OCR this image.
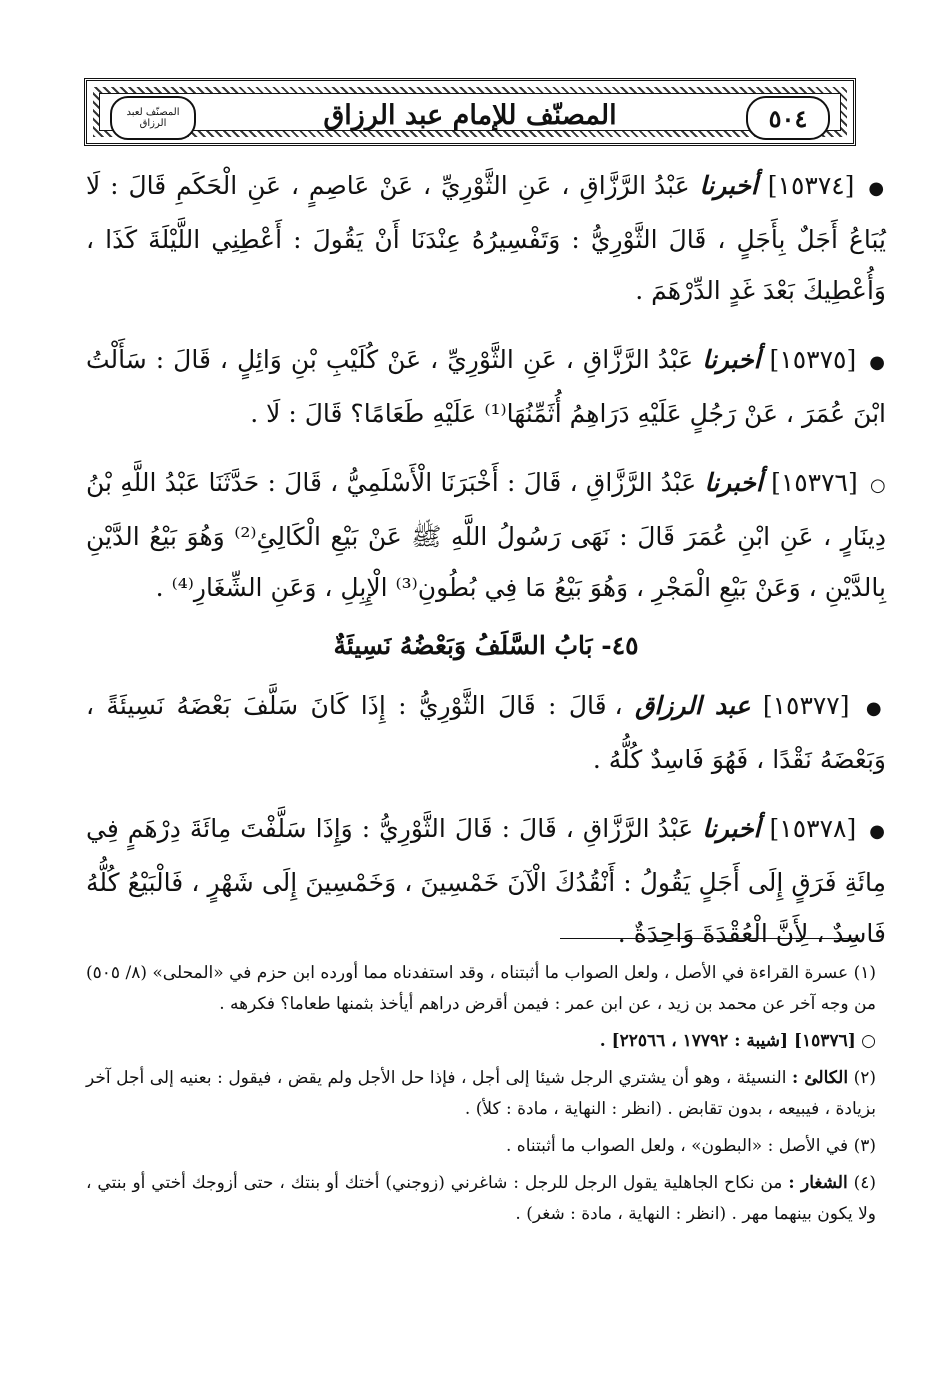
٥٠٤
المصنّف للإمام عبد الرزاق
المصنّف لعبد الرزاق

● [١٥٣٧٤] أخبرنا عَبْدُ الرَّزَّاقِ ، عَنِ الثَّوْرِيِّ ، عَنْ عَاصِمٍ ، عَنِ الْحَكَمِ قَالَ : لَا يُبَاعُ أَجَلٌ بِأَجَلٍ ، قَالَ الثَّوْرِيُّ : وَتَفْسِيرُهُ عِنْدَنَا أَنْ يَقُولَ : أَعْطِنِي اللَّيْلَةَ كَذَا ، وَأُعْطِيكَ بَعْدَ غَدٍ الدِّرْهَمَ .

● [١٥٣٧٥] أخبرنا عَبْدُ الرَّزَّاقِ ، عَنِ الثَّوْرِيِّ ، عَنْ كُلَيْبِ بْنِ وَائِلٍ ، قَالَ : سَأَلْتُ ابْنَ عُمَرَ ، عَنْ رَجُلٍ عَلَيْهِ دَرَاهِمُ أُثَمِّنُهَا⁽¹⁾ عَلَيْهِ طَعَامًا؟ قَالَ : لَا .

○ [١٥٣٧٦] أخبرنا عَبْدُ الرَّزَّاقِ ، قَالَ : أَخْبَرَنَا الْأَسْلَمِيُّ ، قَالَ : حَدَّثَنَا عَبْدُ اللَّهِ بْنُ دِينَارٍ ، عَنِ ابْنِ عُمَرَ قَالَ : نَهَى رَسُولُ اللَّهِ ﷺ عَنْ بَيْعِ الْكَالِئِ⁽²⁾ وَهُوَ بَيْعُ الدَّيْنِ بِالدَّيْنِ ، وَعَنْ بَيْعِ الْمَجْرِ ، وَهُوَ بَيْعُ مَا فِي بُطُونِ⁽³⁾ الْإِبِلِ ، وَعَنِ الشِّغَارِ⁽⁴⁾ .

٤٥- بَابُ السَّلَفُ وَبَعْضُهُ نَسِيئَةٌ

● [١٥٣٧٧] عبد الرزاق ، قَالَ : قَالَ الثَّوْرِيُّ : إِذَا كَانَ سَلَّفَ بَعْضَهُ نَسِيئَةً ، وَبَعْضَهُ نَقْدًا ، فَهُوَ فَاسِدٌ كُلُّهُ .

● [١٥٣٧٨] أخبرنا عَبْدُ الرَّزَّاقِ ، قَالَ : قَالَ الثَّوْرِيُّ : وَإِذَا سَلَّفْتَ مِائَةَ دِرْهَمٍ فِي مِائَةِ فَرَقٍ إِلَى أَجَلٍ يَقُولُ : أَنْقُدُكَ الْآنَ خَمْسِينَ ، وَخَمْسِينَ إِلَى شَهْرٍ ، فَالْبَيْعُ كُلُّهُ فَاسِدٌ ، لِأَنَّ الْعُقْدَةَ وَاحِدَةٌ .

(١) عسرة القراءة في الأصل ، ولعل الصواب ما أثبتناه ، وقد استفدناه مما أورده ابن حزم في «المحلى» (٨/ ٥٠٥) من وجه آخر عن محمد بن زيد ، عن ابن عمر : فيمن أقرض دراهم أيأخذ بثمنها طعاما؟ فكرهه .

○ [١٥٣٧٦] [شيبة : ١٧٧٩٢ ، ٢٢٥٦٦] .

(٢) الكالئ : النسيئة ، وهو أن يشتري الرجل شيئا إلى أجل ، فإذا حل الأجل ولم يقض ، فيقول : بعنيه إلى أجل آخر بزيادة ، فيبيعه ، بدون تقابض . (انظر : النهاية ، مادة : كلأ) .

(٣) في الأصل : «البطون» ، ولعل الصواب ما أثبتناه .

(٤) الشغار : من نكاح الجاهلية يقول الرجل للرجل : شاغرني (زوجني) أختك أو بنتك ، حتى أزوجك أختي أو بنتي ، ولا يكون بينهما مهر . (انظر : النهاية ، مادة : شغر) .
